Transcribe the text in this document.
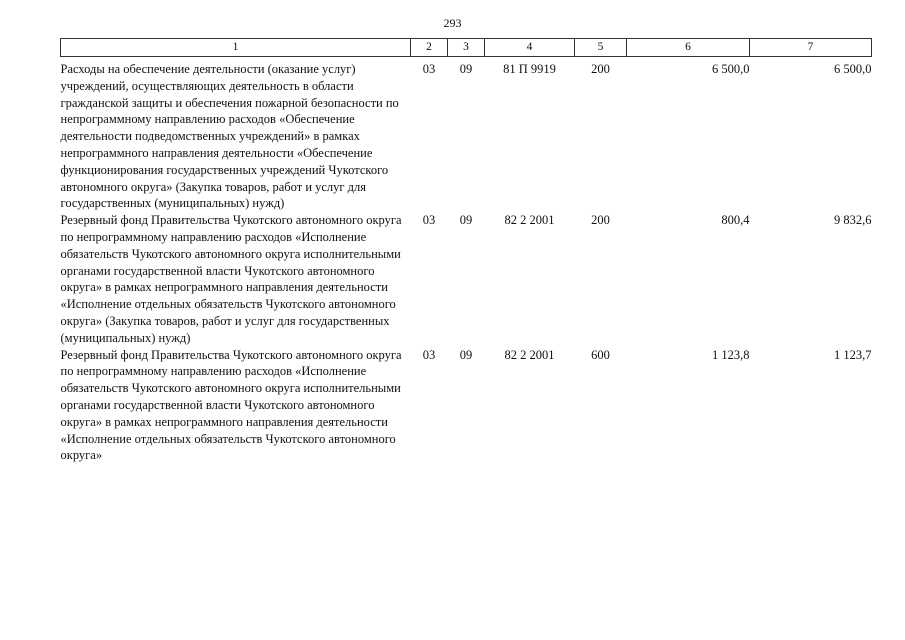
293
1	2	3	4	5	6	7
Расходы на обеспечение деятельности (оказание услуг) учреждений, осуществляющих деятельность в области гражданской защиты и обеспечения пожарной безопасности по непрограммному направлению расходов «Обеспечение деятельности подведомственных учреждений» в рамках непрограммного направления деятельности «Обеспечение функционирования государственных учреждений Чукотского автономного округа» (Закупка товаров, работ и услуг для государственных (муниципальных) нужд)	03	09	81 П 9919	200	6 500,0	6 500,0
Резервный фонд Правительства Чукотского автономного округа по непрограммному направлению расходов «Исполнение обязательств Чукотского автономного округа исполнительными органами государственной власти Чукотского автономного округа» в рамках непрограммного направления деятельности «Исполнение отдельных обязательств Чукотского автономного округа» (Закупка товаров, работ и услуг для государственных (муниципальных) нужд)	03	09	82 2 2001	200	800,4	9 832,6
Резервный фонд Правительства Чукотского автономного округа по непрограммному направлению расходов «Исполнение обязательств Чукотского автономного округа исполнительными органами государственной власти Чукотского автономного округа» в рамках непрограммного направления деятельности «Исполнение отдельных обязательств Чукотского автономного округа»	03	09	82 2 2001	600	1 123,8	1 123,7
